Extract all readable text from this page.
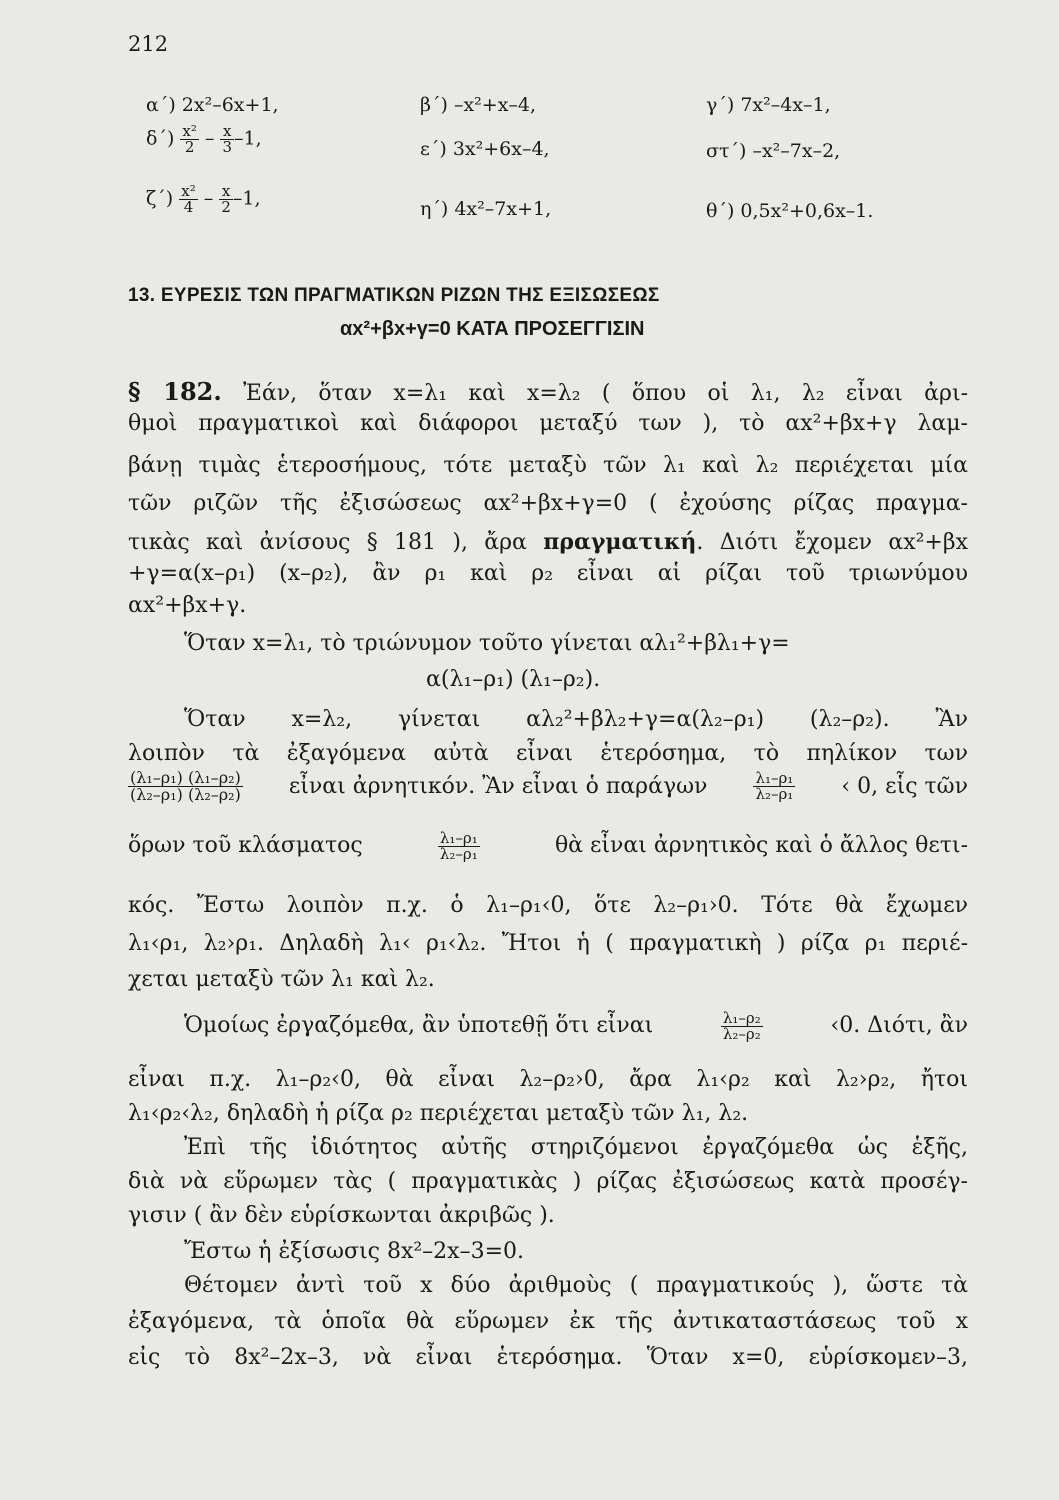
212
α΄) 2x²–6x+1,	β΄) –x²+x–4,	γ΄) 7x²–4x–1,
$\delta΄) \frac{\text{x²}}{2} - \frac{x}{3} -1$,	ε΄) 3x²+6x–4,	στ΄) –x²–7x–2,
$\zeta΄) \frac{\text{x²}}{4} - \frac{x}{2} -1$,	η΄) 4x²–7x+1,	θ΄) 0,5x²+0,6x–1.
13. ΕΥΡΕΣΙΣ ΤΩΝ ΠΡΑΓΜΑΤΙΚΩΝ ΡΙΖΩΝ ΤΗΣ ΕΞΙΣΩΣΕΩΣ
αx²+βx+γ=0 ΚΑΤΑ ΠΡΟΣΕΓΓΙΣΙΝ
§ 182. Ἐάν, ὅταν x=λ₁ καὶ x=λ₂ ( ὅπου οἱ λ₁, λ₂ εἶναι ἀρι-
θμοὶ πραγματικοὶ καὶ διάφοροι μεταξύ των ), τὸ αx²+βx+γ λαμ-
βάνῃ τιμὰς ἑτεροσήμους, τότε μεταξὺ τῶν λ₁ καὶ λ₂ περιέχεται μία
τῶν ριζῶν τῆς ἐξισώσεως αx²+βx+γ=0 ( ἐχούσης ρίζας πραγμα-
τικὰς καὶ ἀνίσους § 181 ), ἄρα πραγματική. Διότι ἔχομεν αx²+βx
+γ=α(x–ρ₁) (x–ρ₂), ἂν ρ₁ καὶ ρ₂ εἶναι αἱ ρίζαι τοῦ τριωνύμου
αx²+βx+γ.
Ὅταν x=λ₁, τὸ τριώνυμον τοῦτο γίνεται αλ₁²+βλ₁+γ=
α(λ₁–ρ₁) (λ₁–ρ₂).
Ὅταν x=λ₂, γίνεται αλ₂²+βλ₂+γ=α(λ₂–ρ₁) (λ₂–ρ₂). Ἂν
λοιπὸν τὰ ἐξαγόμενα αὐτὰ εἶναι ἑτερόσημα, τὸ πηλίκον των
$\frac{\text{(λ₁–ρ₁) (λ₁–ρ₂)}}{\text{(λ₂–ρ₁) (λ₂–ρ₂)}}$ εἶναι ἀρνητικόν. Ἂν εἶναι ὁ παράγων	$\frac{\text{λ₁–ρ₁}}{\text{λ₂–ρ₁}}$ ‹ 0, εἷς τῶν
ὅρων τοῦ κλάσματος	$\frac{\text{λ₁–ρ₁}}{\text{λ₂–ρ₁}}$	θὰ εἶναι ἀρνητικὸς καὶ ὁ ἄλλος θετι-
κός. Ἔστω λοιπὸν π.χ. ὁ λ₁–ρ₁‹0, ὅτε λ₂–ρ₁›0. Τότε θὰ ἔχωμεν
λ₁‹ρ₁, λ₂›ρ₁. Δηλαδὴ λ₁‹ ρ₁‹λ₂. Ἤτοι ἡ ( πραγματικὴ ) ρίζα ρ₁ περιέ-
χεται μεταξὺ τῶν λ₁ καὶ λ₂.
Ὁμοίως ἐργαζόμεθα, ἂν ὑποτεθῇ ὅτι εἶναι	$\frac{\text{λ₁–ρ₂}}{\text{λ₂–ρ₂}}$	‹0. Διότι, ἂν
εἶναι π.χ. λ₁–ρ₂‹0, θὰ εἶναι λ₂–ρ₂›0, ἄρα λ₁‹ρ₂ καὶ λ₂›ρ₂, ἤτοι
λ₁‹ρ₂‹λ₂, δηλαδὴ ἡ ρίζα ρ₂ περιέχεται μεταξὺ τῶν λ₁, λ₂.
Ἐπὶ τῆς ἰδιότητος αὐτῆς στηριζόμενοι ἐργαζόμεθα ὡς ἑξῆς,
διὰ νὰ εὕρωμεν τὰς ( πραγματικὰς ) ρίζας ἐξισώσεως κατὰ προσέγ-
γισιν ( ἂν δὲν εὑρίσκωνται ἀκριβῶς ).
Ἔστω ἡ ἐξίσωσις 8x²–2x–3=0.
Θέτομεν ἀντὶ τοῦ x δύο ἀριθμοὺς ( πραγματικούς ), ὥστε τὰ
ἐξαγόμενα, τὰ ὁποῖα θὰ εὕρωμεν ἐκ τῆς ἀντικαταστάσεως τοῦ x
εἰς τὸ 8x²–2x–3, νὰ εἶναι ἑτερόσημα. Ὅταν x=0, εὑρίσκομεν–3,
